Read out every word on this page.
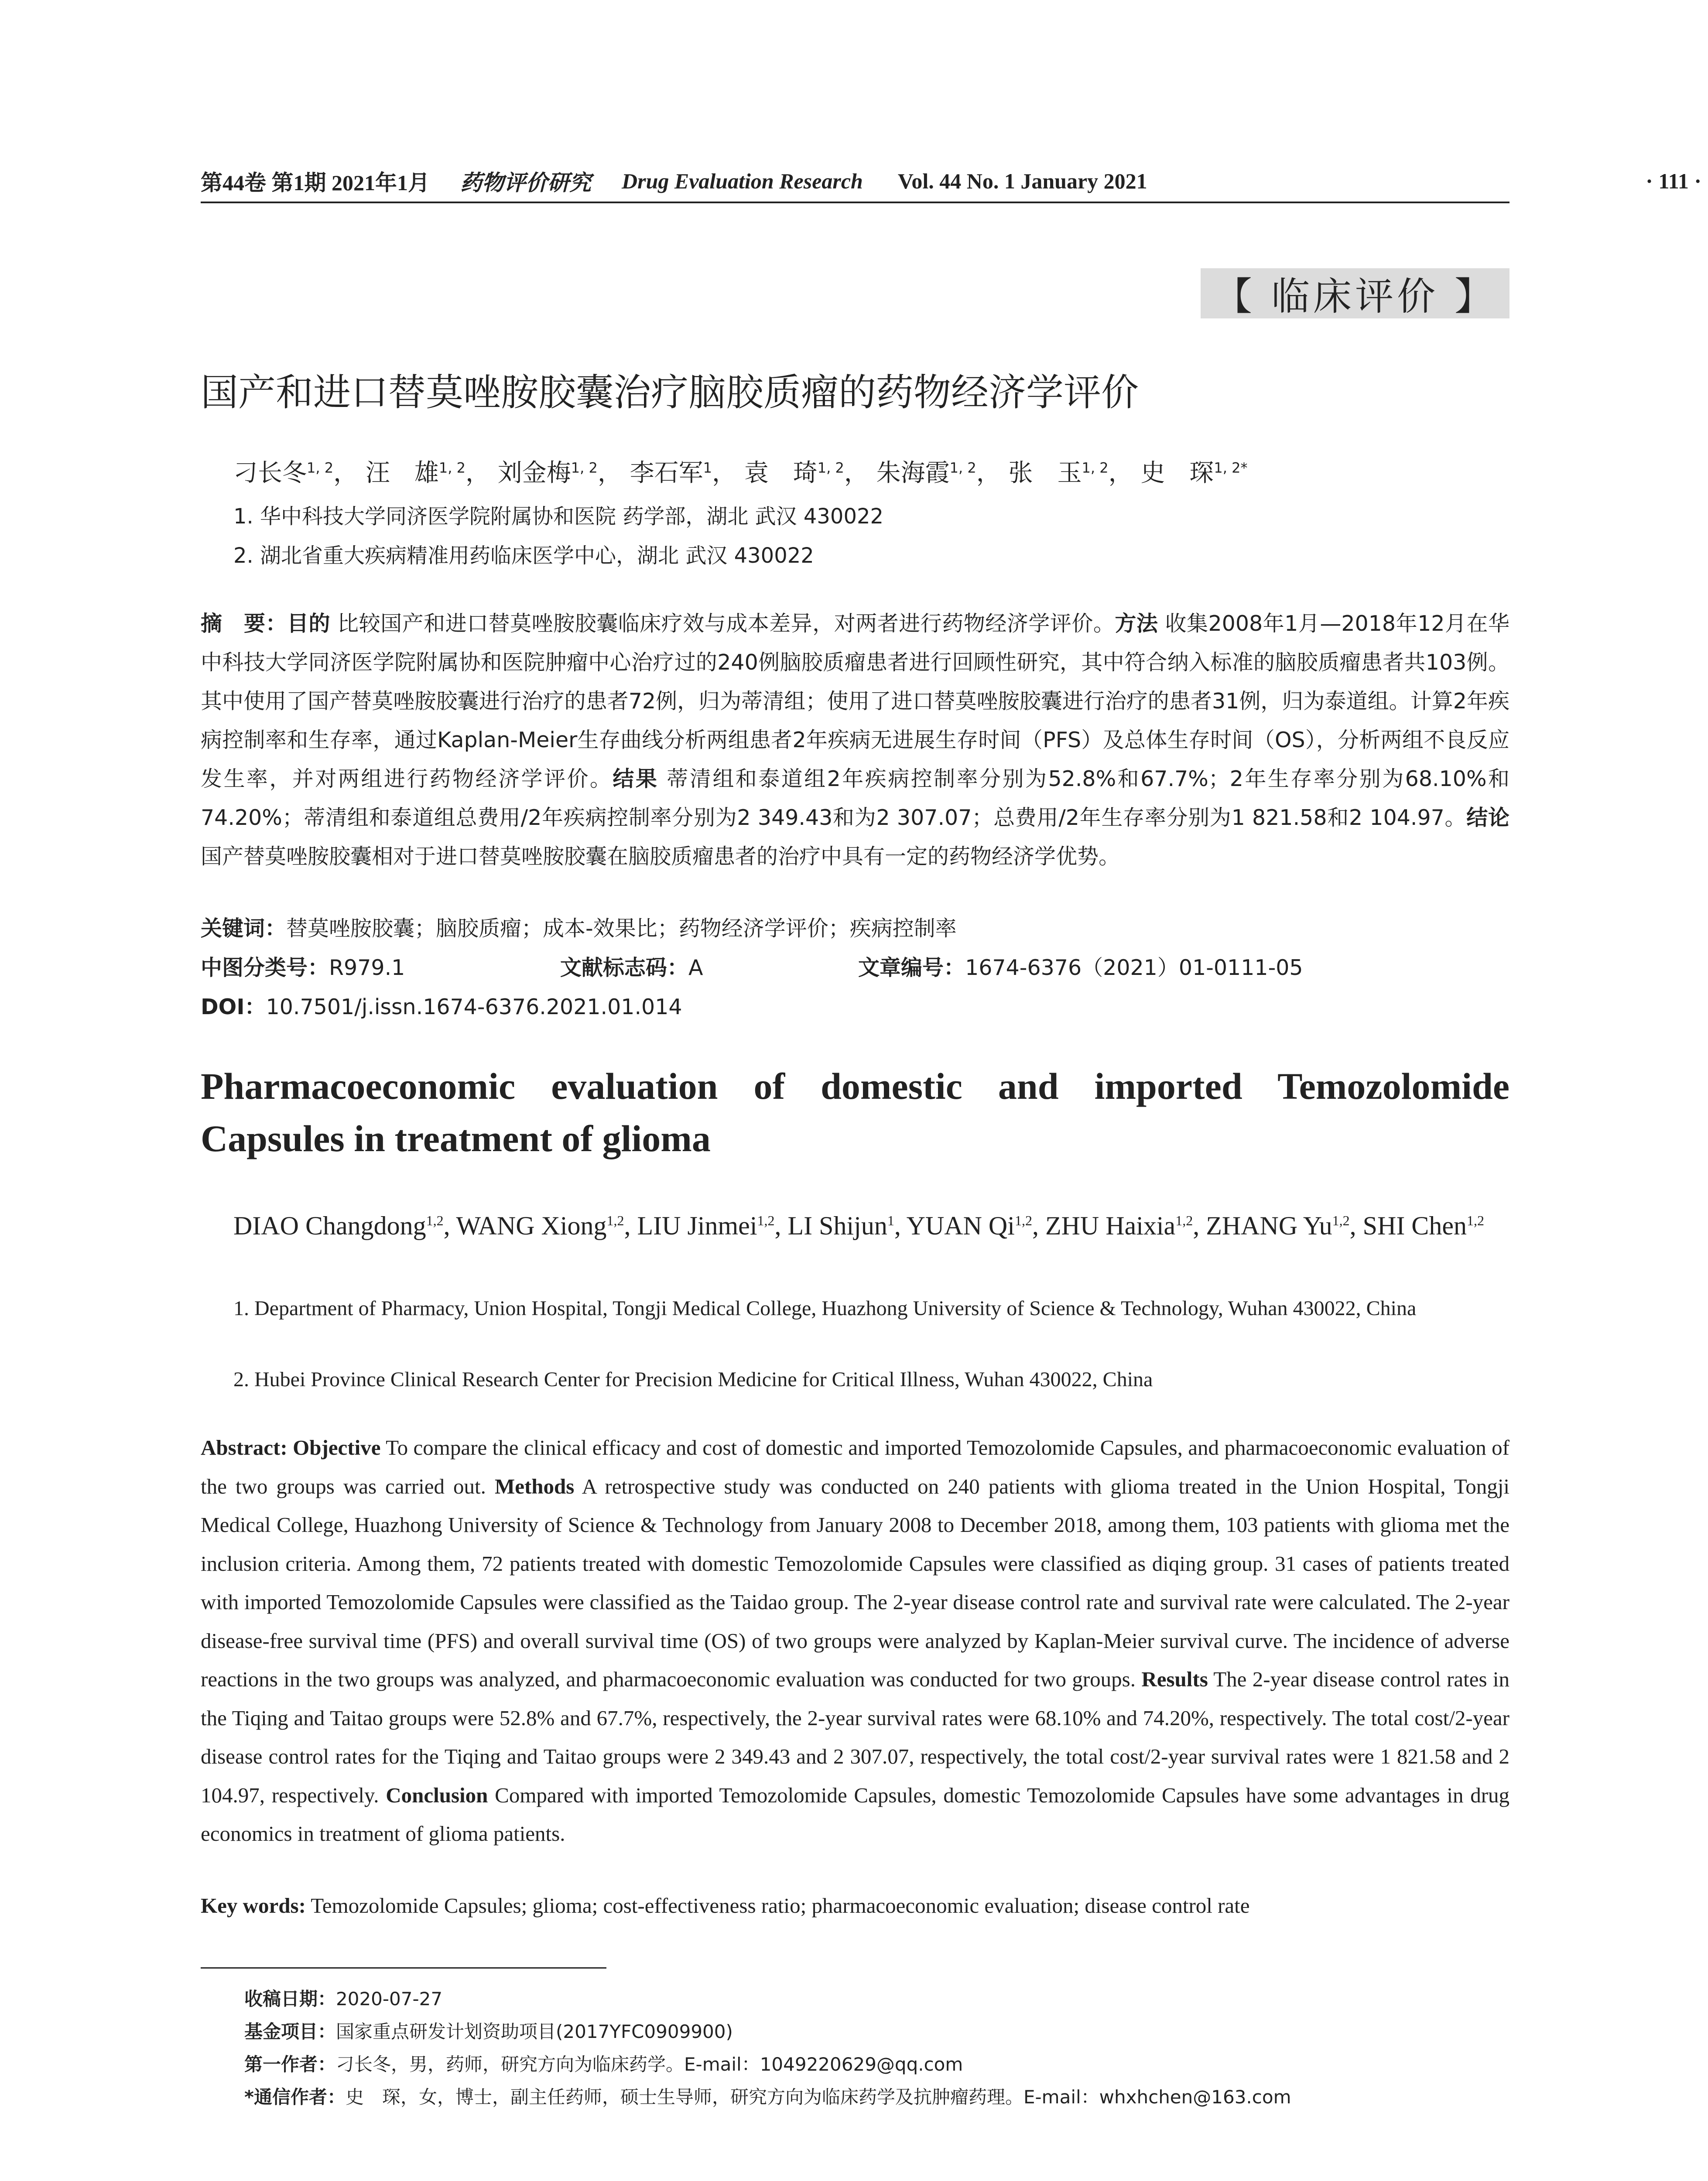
第44卷 第1期 2021年1月 药物评价研究 Drug Evaluation Research Vol. 44 No. 1 January 2021	· 111 ·
【 临床评价 】
国产和进口替莫唑胺胶囊治疗脑胶质瘤的药物经济学评价
刁长冬$^{1, 2}$， 汪　雄$^{1, 2}$， 刘金梅$^{1, 2}$， 李石军$^1$， 袁　琦$^{1, 2}$， 朱海霞$^{1, 2}$， 张　玉$^{1, 2}$， 史　琛$^{1, 2*}$
1. 华中科技大学同济医学院附属协和医院 药学部，湖北 武汉 430022
2. 湖北省重大疾病精准用药临床医学中心，湖北 武汉 430022
摘　要：目的 比较国产和进口替莫唑胺胶囊临床疗效与成本差异，对两者进行药物经济学评价。方法 收集2008年1月—2018年12月在华中科技大学同济医学院附属协和医院肿瘤中心治疗过的240例脑胶质瘤患者进行回顾性研究，其中符合纳入标准的脑胶质瘤患者共103例。其中使用了国产替莫唑胺胶囊进行治疗的患者72例，归为蒂清组；使用了进口替莫唑胺胶囊进行治疗的患者31例，归为泰道组。计算2年疾病控制率和生存率，通过Kaplan-Meier生存曲线分析两组患者2年疾病无进展生存时间（PFS）及总体生存时间（OS），分析两组不良反应发生率，并对两组进行药物经济学评价。结果 蒂清组和泰道组2年疾病控制率分别为52.8%和67.7%；2年生存率分别为68.10%和74.20%；蒂清组和泰道组总费用/2年疾病控制率分别为2 349.43和为2 307.07；总费用/2年生存率分别为1 821.58和2 104.97。结论 国产替莫唑胺胶囊相对于进口替莫唑胺胶囊在脑胶质瘤患者的治疗中具有一定的药物经济学优势。
关键词：替莫唑胺胶囊；脑胶质瘤；成本-效果比；药物经济学评价；疾病控制率
中图分类号：R979.1	文献标志码：A	文章编号：1674-6376（2021）01-0111-05
DOI：10.7501/j.issn.1674-6376.2021.01.014
Pharmacoeconomic evaluation of domestic and imported Temozolomide
Capsules in treatment of glioma
DIAO Changdong$^{1,2}$, WANG Xiong$^{1,2}$, LIU Jinmei$^{1,2}$, LI Shijun$^1$, YUAN Qi$^{1,2}$, ZHU Haixia$^{1,2}$, ZHANG Yu$^{1,2}$, SHI Chen$^{1,2}$
1. Department of Pharmacy, Union Hospital, Tongji Medical College, Huazhong University of Science & Technology, Wuhan 430022, China
2. Hubei Province Clinical Research Center for Precision Medicine for Critical Illness, Wuhan 430022, China
Abstract: Objective To compare the clinical efficacy and cost of domestic and imported Temozolomide Capsules, and pharmacoeconomic evaluation of the two groups was carried out. Methods A retrospective study was conducted on 240 patients with glioma treated in the Union Hospital, Tongji Medical College, Huazhong University of Science & Technology from January 2008 to December 2018, among them, 103 patients with glioma met the inclusion criteria. Among them, 72 patients treated with domestic Temozolomide Capsules were classified as diqing group. 31 cases of patients treated with imported Temozolomide Capsules were classified as the Taidao group. The 2-year disease control rate and survival rate were calculated. The 2-year disease-free survival time (PFS) and overall survival time (OS) of two groups were analyzed by Kaplan-Meier survival curve. The incidence of adverse reactions in the two groups was analyzed, and pharmacoeconomic evaluation was conducted for two groups. Results The 2-year disease control rates in the Tiqing and Taitao groups were 52.8% and 67.7%, respectively, the 2-year survival rates were 68.10% and 74.20%, respectively. The total cost/2-year disease control rates for the Tiqing and Taitao groups were 2 349.43 and 2 307.07, respectively, the total cost/2-year survival rates were 1 821.58 and 2 104.97, respectively. Conclusion Compared with imported Temozolomide Capsules, domestic Temozolomide Capsules have some advantages in drug economics in treatment of glioma patients.
Key words: Temozolomide Capsules; glioma; cost-effectiveness ratio; pharmacoeconomic evaluation; disease control rate
收稿日期：2020-07-27
基金项目：国家重点研发计划资助项目(2017YFC0909900)
第一作者：刁长冬，男，药师，研究方向为临床药学。E-mail：1049220629@qq.com
*通信作者：史　琛，女，博士，副主任药师，硕士生导师，研究方向为临床药学及抗肿瘤药理。E-mail：whxhchen@163.com
